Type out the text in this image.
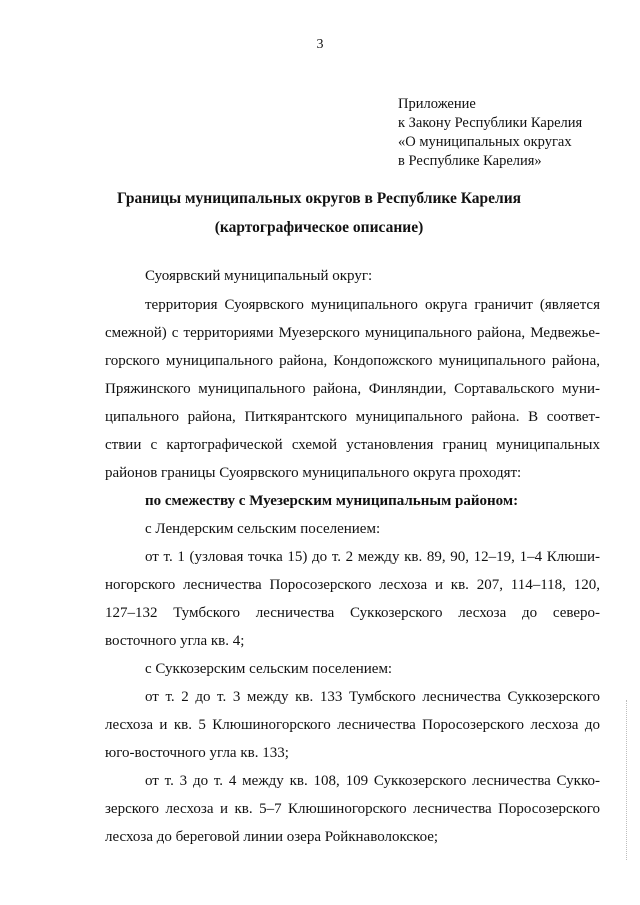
3
Приложение
к Закону Республики Карелия
«О муниципальных округах
в Республике Карелия»
Границы муниципальных округов в Республике Карелия
(картографическое описание)
Суоярвский муниципальный округ:
территория Суоярвского муниципального округа граничит (является
смежной) с территориями Муезерского муниципального района, Медвежье-
горского муниципального района, Кондопожского муниципального района,
Пряжинского муниципального района, Финляндии, Сортавальского муни-
ципального района, Питкярантского муниципального района. В соответ-
ствии с картографической схемой установления границ муниципальных
районов границы Суоярвского муниципального округа проходят:
по смежеству с Муезерским муниципальным районом:
с Лендерским сельским поселением:
от т. 1 (узловая точка 15) до т. 2 между кв. 89, 90, 12–19, 1–4 Клюши-
ногорского лесничества Поросозерского лесхоза и кв. 207, 114–118, 120,
127–132 Тумбского лесничества Суккозерского лесхоза до северо-
восточного угла кв. 4;
с Суккозерским сельским поселением:
от т. 2 до т. 3 между кв. 133 Тумбского лесничества Суккозерского
лесхоза и кв. 5 Клюшиногорского лесничества Поросозерского лесхоза до
юго-восточного угла кв. 133;
от т. 3 до т. 4 между кв. 108, 109 Суккозерского лесничества Сукко-
зерского лесхоза и кв. 5–7 Клюшиногорского лесничества Поросозерского
лесхоза до береговой линии озера Ройкнаволокское;
